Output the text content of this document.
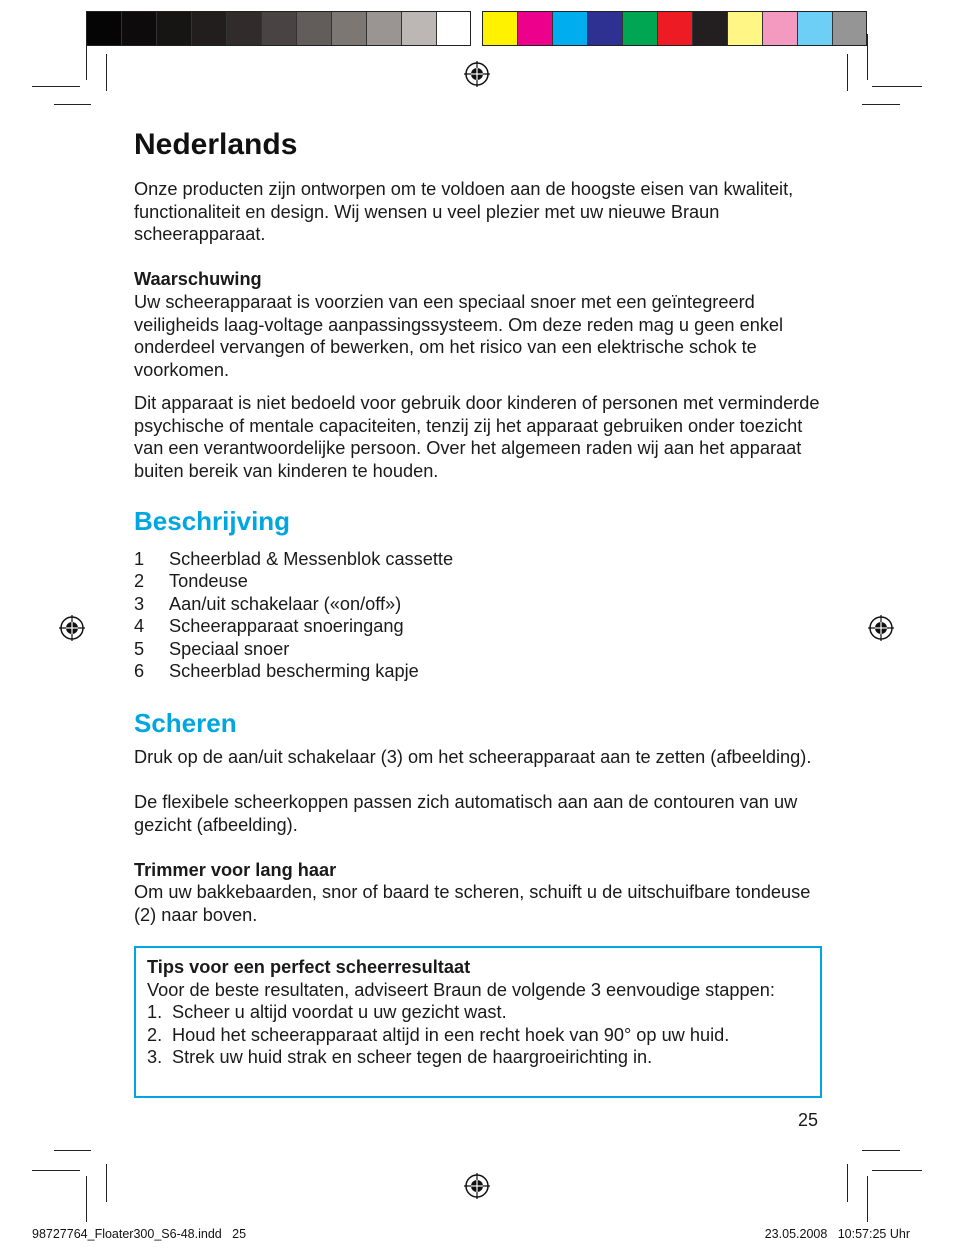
Nederlands

Onze producten zijn ontworpen om te voldoen aan de hoogste eisen van kwaliteit, functionaliteit en design. Wij wensen u veel plezier met uw nieuwe Braun scheerapparaat.

Waarschuwing

Uw scheerapparaat is voorzien van een speciaal snoer met een geïntegreerd veiligheids laag-voltage aanpassingssysteem. Om deze reden mag u geen enkel onderdeel vervangen of bewerken, om het risico van een elektrische schok te voorkomen.

Dit apparaat is niet bedoeld voor gebruik door kinderen of personen met verminderde psychische of mentale capaciteiten, tenzij zij het apparaat gebruiken onder toezicht van een verantwoordelijke persoon. Over het algemeen raden wij aan het apparaat buiten bereik van kinderen te houden.

Beschrijving
1	Scheerblad & Messenblok cassette
2	Tondeuse
3	Aan/uit schakelaar («on/off»)
4	Scheerapparaat snoeringang
5	Speciaal snoer
6	Scheerblad bescherming kapje
Scheren

Druk op de aan/uit schakelaar (3) om het scheerapparaat aan te zetten (afbeelding).

De flexibele scheerkoppen passen zich automatisch aan aan de contouren van uw gezicht (afbeelding).

Trimmer voor lang haar

Om uw bakkebaarden, snor of baard te scheren, schuift u de uitschuifbare tondeuse (2) naar boven.

Tips voor een perfect scheerresultaat
Voor de beste resultaten, adviseert Braun de volgende 3 eenvoudige stappen:
1. Scheer u altijd voordat u uw gezicht wast.
2. Houd het scheerapparaat altijd in een recht hoek van 90° op uw huid.
3. Strek uw huid strak en scheer tegen de haargroeirichting in.
25
98727764_Floater300_S6-48.indd   25	23.05.2008   10:57:25 Uhr
